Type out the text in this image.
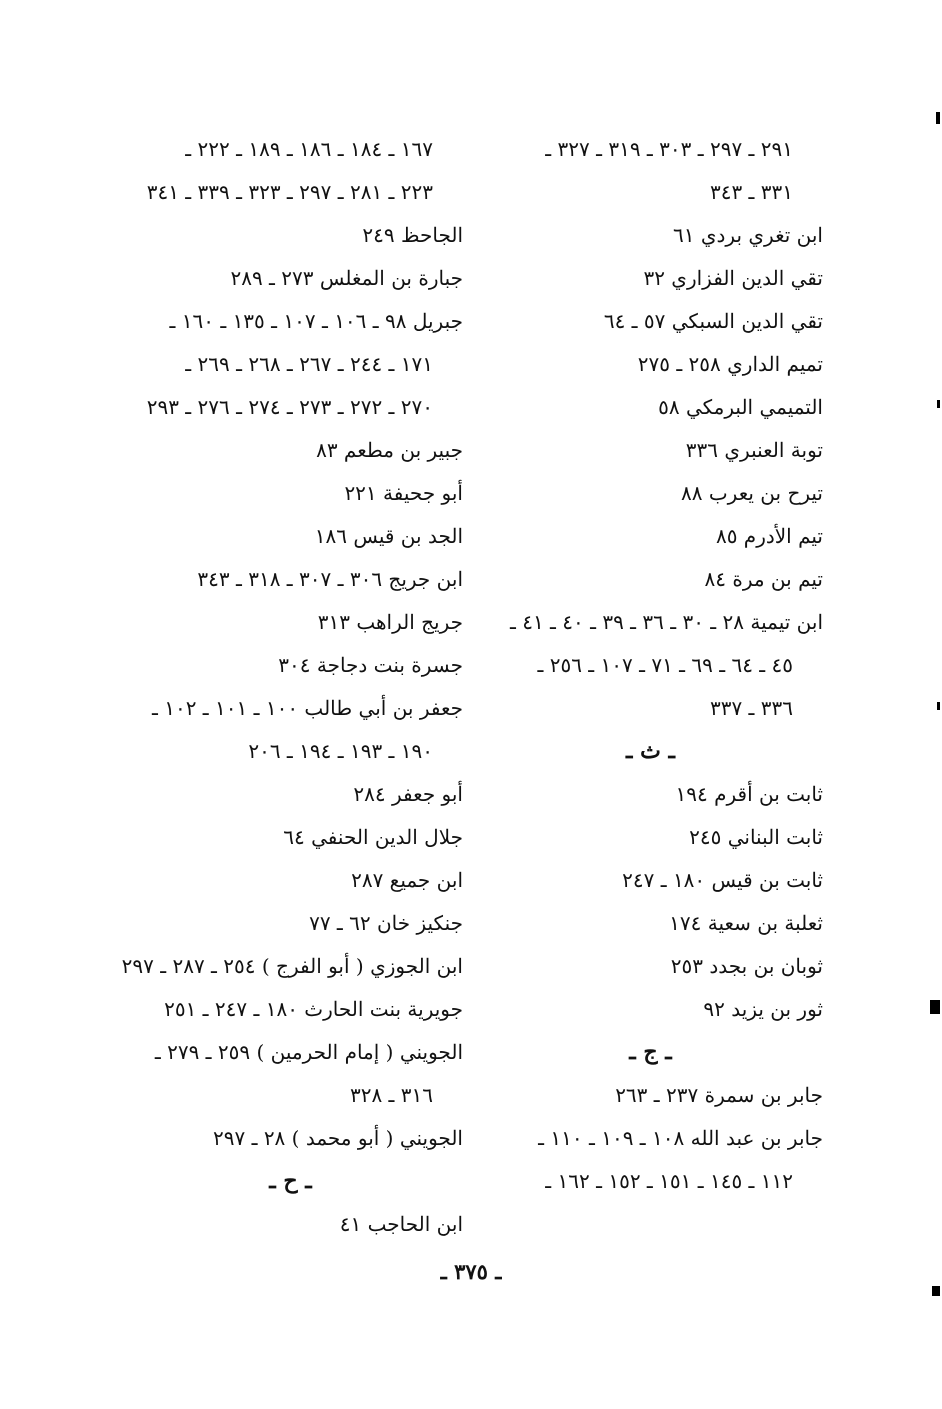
٢٩١ ـ ٢٩٧ ـ ٣٠٣ ـ ٣١٩ ـ ٣٢٧ ـ
٣٣١ ـ ٣٤٣
ابن تغري بردي ٦١
تقي الدين الفزاري ٣٢
تقي الدين السبكي ٥٧ ـ ٦٤
تميم الداري ٢٥٨ ـ ٢٧٥
التميمي البرمكي ٥٨
توبة العنبري ٣٣٦
تيرح بن يعرب ٨٨
تيم الأدرم ٨٥
تيم بن مرة ٨٤
ابن تيمية ٢٨ ـ ٣٠ ـ ٣٦ ـ ٣٩ ـ ٤٠ ـ ٤١ ـ
٤٥ ـ ٦٤ ـ ٦٩ ـ ٧١ ـ ١٠٧ ـ ٢٥٦ ـ
٣٣٦ ـ ٣٣٧
ـ ث ـ
ثابت بن أقرم ١٩٤
ثابت البناني ٢٤٥
ثابت بن قيس ١٨٠ ـ ٢٤٧
ثعلبة بن سعية ١٧٤
ثوبان بن بجدد ٢٥٣
ثور بن يزيد ٩٢
ـ ج ـ
جابر بن سمرة ٢٣٧ ـ ٢٦٣
جابر بن عبد الله ١٠٨ ـ ١٠٩ ـ ١١٠ ـ
١١٢ ـ ١٤٥ ـ ١٥١ ـ ١٥٢ ـ ١٦٢ ـ
١٦٧ ـ ١٨٤ ـ ١٨٦ ـ ١٨٩ ـ ٢٢٢ ـ
٢٢٣ ـ ٢٨١ ـ ٢٩٧ ـ ٣٢٣ ـ ٣٣٩ ـ ٣٤١
الجاحظ ٢٤٩
جبارة بن المغلس ٢٧٣ ـ ٢٨٩
جبريل ٩٨ ـ ١٠٦ ـ ١٠٧ ـ ١٣٥ ـ ١٦٠ ـ
١٧١ ـ ٢٤٤ ـ ٢٦٧ ـ ٢٦٨ ـ ٢٦٩ ـ
٢٧٠ ـ ٢٧٢ ـ ٢٧٣ ـ ٢٧٤ ـ ٢٧٦ ـ ٢٩٣
جبير بن مطعم ٨٣
أبو جحيفة ٢٢١
الجد بن قيس ١٨٦
ابن جريج ٣٠٦ ـ ٣٠٧ ـ ٣١٨ ـ ٣٤٣
جريج الراهب ٣١٣
جسرة بنت دجاجة ٣٠٤
جعفر بن أبي طالب ١٠٠ ـ ١٠١ ـ ١٠٢ ـ
١٩٠ ـ ١٩٣ ـ ١٩٤ ـ ٢٠٦
أبو جعفر ٢٨٤
جلال الدين الحنفي ٦٤
ابن جميع ٢٨٧
جنكيز خان ٦٢ ـ ٧٧
ابن الجوزي ( أبو الفرج ) ٢٥٤ ـ ٢٨٧ ـ ٢٩٧
جويرية بنت الحارث ١٨٠ ـ ٢٤٧ ـ ٢٥١
الجويني ( إمام الحرمين ) ٢٥٩ ـ ٢٧٩ ـ
٣١٦ ـ ٣٢٨
الجويني ( أبو محمد ) ٢٨ ـ ٢٩٧
ـ ح ـ
ابن الحاجب ٤١
ـ ٣٧٥ ـ
